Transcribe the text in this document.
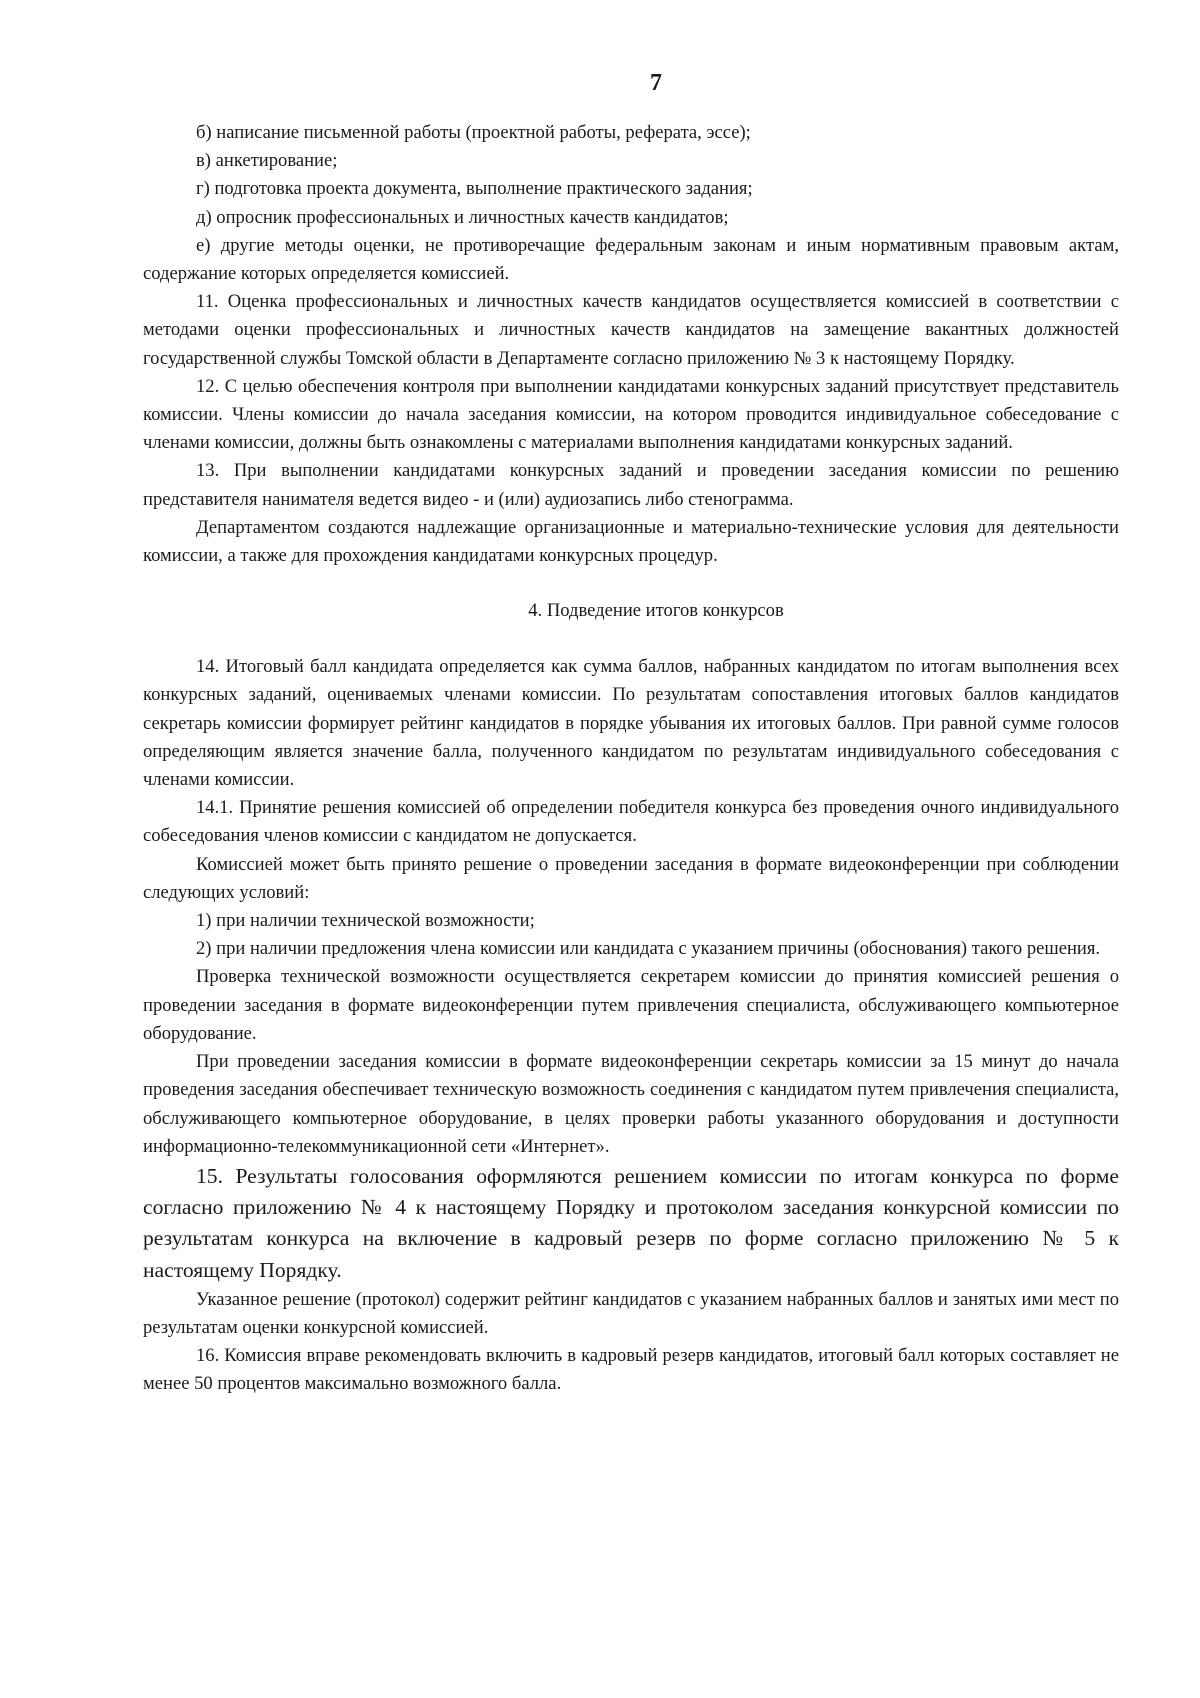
7

б) написание письменной работы (проектной работы, реферата, эссе);

в) анкетирование;

г) подготовка проекта документа, выполнение практического задания;

д) опросник профессиональных и личностных качеств кандидатов;

е) другие методы оценки, не противоречащие федеральным законам и иным нормативным правовым актам, содержание которых определяется комиссией.

11. Оценка профессиональных и личностных качеств кандидатов осуществляется комиссией в соответствии с методами оценки профессиональных и личностных качеств кандидатов на замещение вакантных должностей государственной службы Томской области в Департаменте согласно приложению № 3 к настоящему Порядку.

12. С целью обеспечения контроля при выполнении кандидатами конкурсных заданий присутствует представитель комиссии. Члены комиссии до начала заседания комиссии, на котором проводится индивидуальное собеседование с членами комиссии, должны быть ознакомлены с материалами выполнения кандидатами конкурсных заданий.

13. При выполнении кандидатами конкурсных заданий и проведении заседания комиссии по решению представителя нанимателя ведется видео - и (или) аудиозапись либо стенограмма.

Департаментом создаются надлежащие организационные и материально-технические условия для деятельности комиссии, а также для прохождения кандидатами конкурсных процедур.

4. Подведение итогов конкурсов

14. Итоговый балл кандидата определяется как сумма баллов, набранных кандидатом по итогам выполнения всех конкурсных заданий, оцениваемых членами комиссии. По результатам сопоставления итоговых баллов кандидатов секретарь комиссии формирует рейтинг кандидатов в порядке убывания их итоговых баллов. При равной сумме голосов определяющим является значение балла, полученного кандидатом по результатам индивидуального собеседования с членами комиссии.

14.1. Принятие решения комиссией об определении победителя конкурса без проведения очного индивидуального собеседования членов комиссии с кандидатом не допускается.

Комиссией может быть принято решение о проведении заседания в формате видеоконференции при соблюдении следующих условий:

1) при наличии технической возможности;

2) при наличии предложения члена комиссии или кандидата с указанием причины (обоснования) такого решения.

Проверка технической возможности осуществляется секретарем комиссии до принятия комиссией решения о проведении заседания в формате видеоконференции путем привлечения специалиста, обслуживающего компьютерное оборудование.

При проведении заседания комиссии в формате видеоконференции секретарь комиссии за 15 минут до начала проведения заседания обеспечивает техническую возможность соединения с кандидатом путем привлечения специалиста, обслуживающего компьютерное оборудование, в целях проверки работы указанного оборудования и доступности информационно-телекоммуникационной сети «Интернет».

15. Результаты голосования оформляются решением комиссии по итогам конкурса по форме согласно приложению № 4 к настоящему Порядку и протоколом заседания конкурсной комиссии по результатам конкурса на включение в кадровый резерв по форме согласно приложению № 5 к настоящему Порядку.

Указанное решение (протокол) содержит рейтинг кандидатов с указанием набранных баллов и занятых ими мест по результатам оценки конкурсной комиссией.

16. Комиссия вправе рекомендовать включить в кадровый резерв кандидатов, итоговый балл которых составляет не менее 50 процентов максимально возможного балла.
